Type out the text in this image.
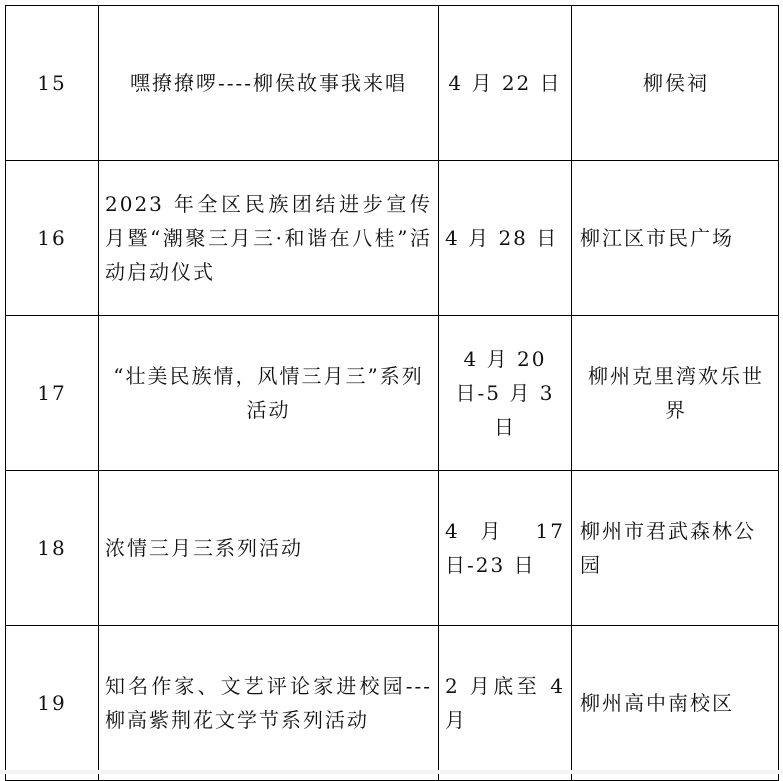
15	嘿撩撩啰----柳侯故事我来唱	4 月 22 日	柳侯祠
16	2023 年全区民族团结进步宣传月暨“潮聚三月三·和谐在八桂”活动启动仪式	4 月 28 日	柳江区市民广场
17	“壮美民族情，风情三月三”系列活动	4 月 20 日-5 月 3 日	柳州克里湾欢乐世界
18	浓情三月三系列活动	4 月 17 日-23 日	柳州市君武森林公园
19	知名作家、文艺评论家进校园---柳高紫荆花文学节系列活动	2 月底至 4 月	柳州高中南校区
